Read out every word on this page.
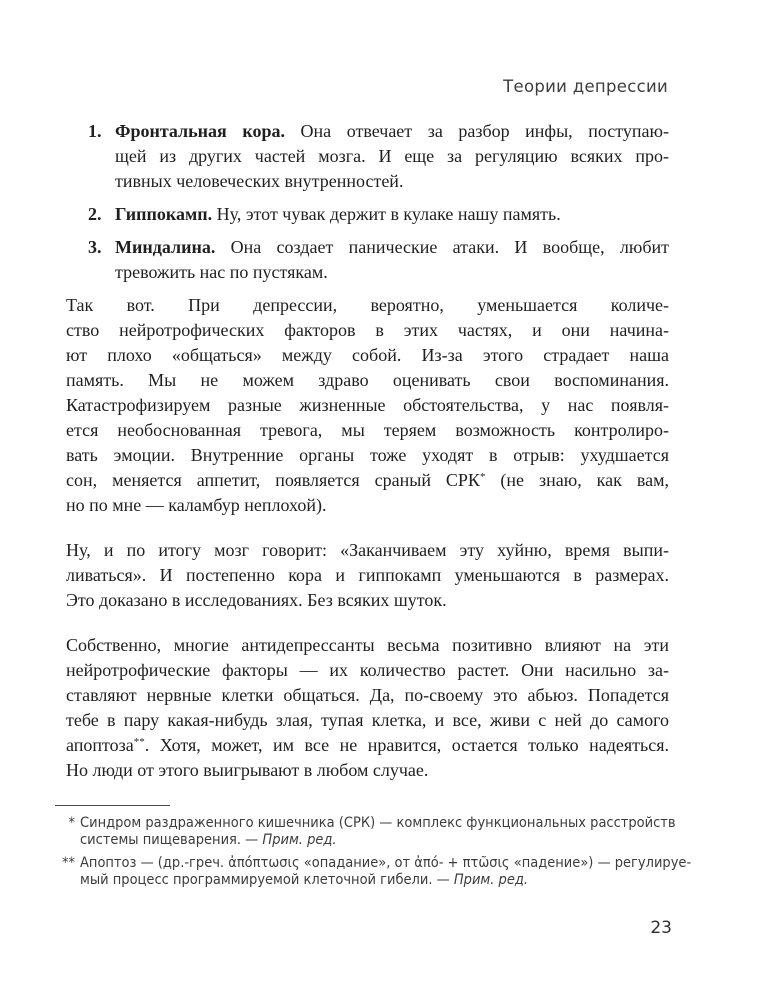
Теории депрессии
1. Фронтальная кора. Она отвечает за разбор инфы, поступаю-
щей из других частей мозга. И еще за регуляцию всяких про-
тивных человеческих внутренностей.
2. Гиппокамп. Ну, этот чувак держит в кулаке нашу память.
3. Миндалина. Она создает панические атаки. И вообще, любит
тревожить нас по пустякам.
Так вот. При депрессии, вероятно, уменьшается количе-
ство нейротрофических факторов в этих частях, и они начина-
ют плохо «общаться» между собой. Из-за этого страдает наша
память. Мы не можем здраво оценивать свои воспоминания.
Катастрофизируем разные жизненные обстоятельства, у нас появля-
ется необоснованная тревога, мы теряем возможность контролиро-
вать эмоции. Внутренние органы тоже уходят в отрыв: ухудшается
сон, меняется аппетит, появляется сраный СРК* (не знаю, как вам,
но по мне — каламбур неплохой).
Ну, и по итогу мозг говорит: «Заканчиваем эту хуйню, время выпи-
ливаться». И постепенно кора и гиппокамп уменьшаются в размерах.
Это доказано в исследованиях. Без всяких шуток.
Собственно, многие антидепрессанты весьма позитивно влияют на эти
нейротрофические факторы — их количество растет. Они насильно за-
ставляют нервные клетки общаться. Да, по-своему это абьюз. Попадется
тебе в пару какая-нибудь злая, тупая клетка, и все, живи с ней до самого
апоптоза**. Хотя, может, им все не нравится, остается только надеяться.
Но люди от этого выигрывают в любом случае.
* Синдром раздраженного кишечника (СРК) — комплекс функциональных расстройств
системы пищеварения. — Прим. ред.
** Апоптоз — (др.-греч. ἀπόπτωσις «опадание», от ἀπό- + πτῶσις «падение») — регулируе-
мый процесс программируемой клеточной гибели. — Прим. ред.
23
